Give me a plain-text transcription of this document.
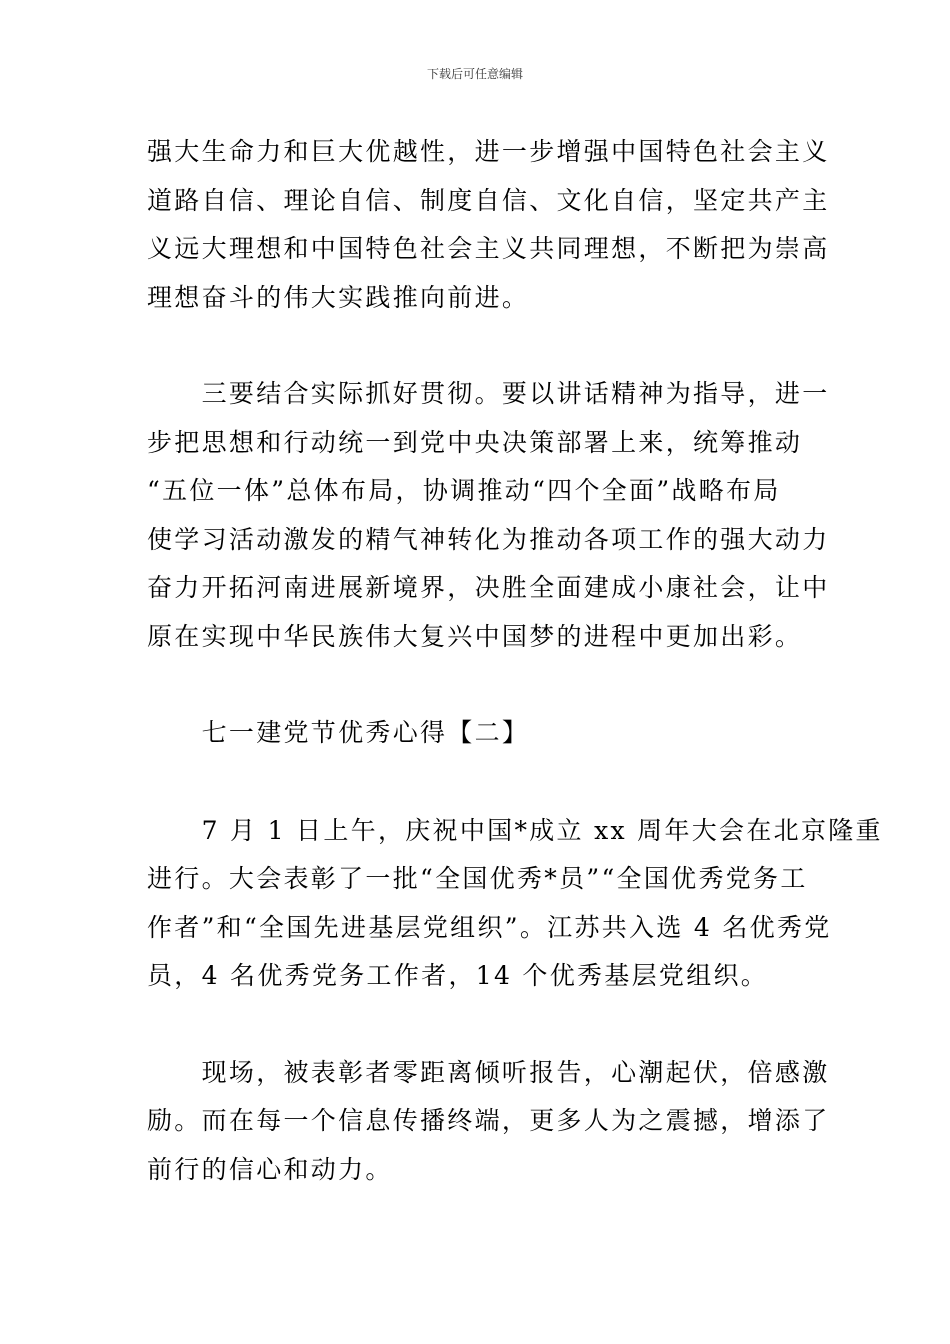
下载后可任意编辑

强大生命力和巨大优越性，进一步增强中国特色社会主义
道路自信、理论自信、制度自信、文化自信，坚定共产主
义远大理想和中国特色社会主义共同理想，不断把为崇高
理想奋斗的伟大实践推向前进。

　　三要结合实际抓好贯彻。要以讲话精神为指导，进一
步把思想和行动统一到党中央决策部署上来，统筹推动
“五位一体”总体布局，协调推动“四个全面”战略布局
使学习活动激发的精气神转化为推动各项工作的强大动力
奋力开拓河南进展新境界，决胜全面建成小康社会，让中
原在实现中华民族伟大复兴中国梦的进程中更加出彩。

　　七一建党节优秀心得【二】

　　7 月 1 日上午，庆祝中国*成立 xx 周年大会在北京隆重
进行。大会表彰了一批“全国优秀*员”“全国优秀党务工
作者”和“全国先进基层党组织”。江苏共入选 4 名优秀党
员，4 名优秀党务工作者，14 个优秀基层党组织。

　　现场，被表彰者零距离倾听报告，心潮起伏，倍感激
励。而在每一个信息传播终端，更多人为之震撼，增添了
前行的信心和动力。
